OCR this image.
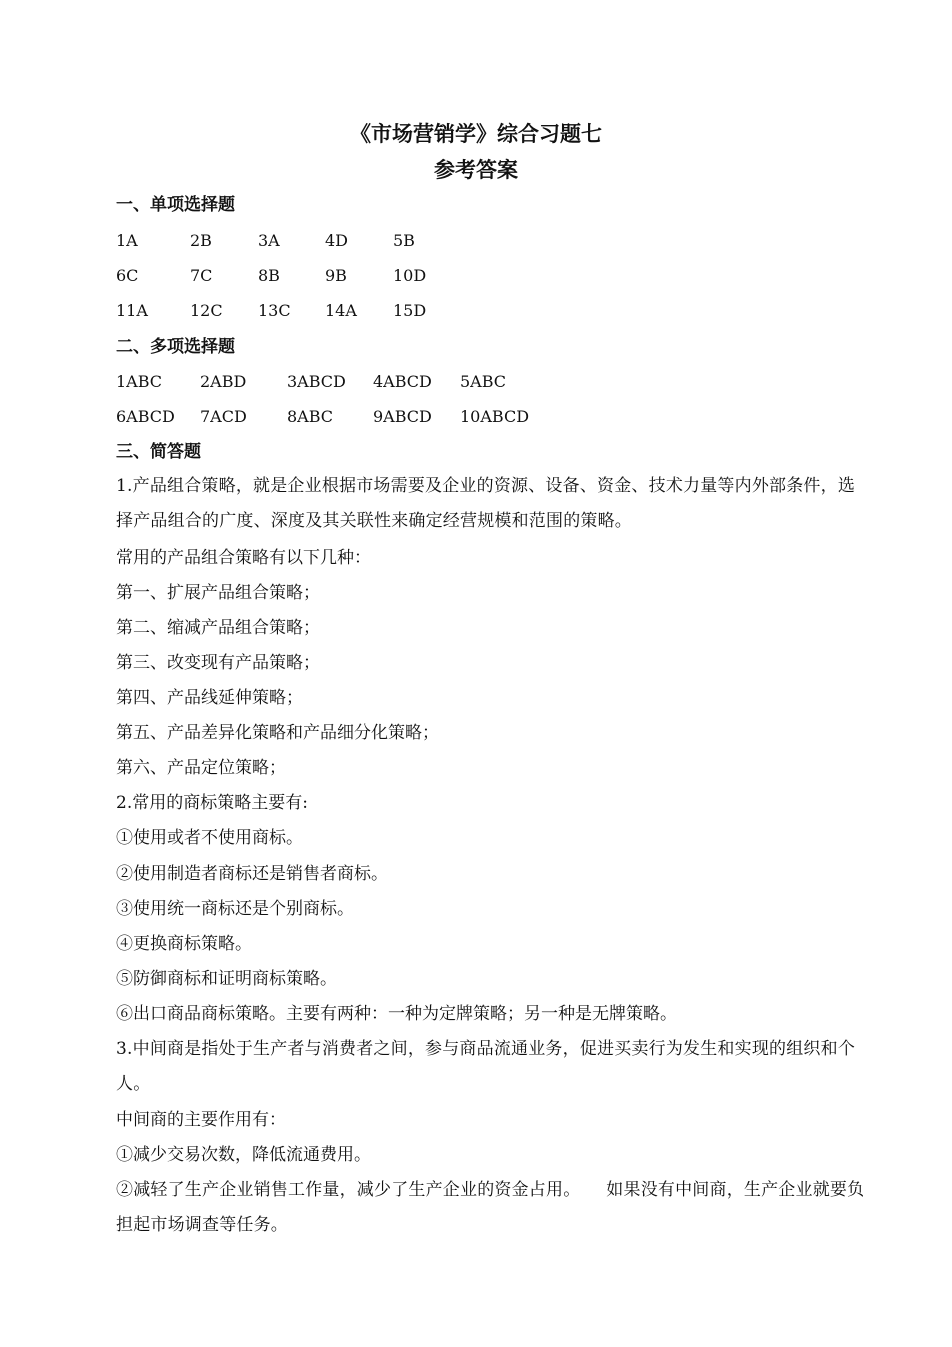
《市场营销学》综合习题七
参考答案
一、单项选择题
1A	2B	3A	4D	5B
6C	7C	8B	9B	10D
11A	12C 13C 14A 15D
二、多项选择题
1ABC 2ABD	3ABCD 4ABCD 5ABC
6ABCD 7ACD	8ABC 9ABCD 10ABCD
三、简答题
1.产品组合策略，就是企业根据市场需要及企业的资源、设备、资金、技术力量等内外部条件，选择产品组合的广度、深度及其关联性来确定经营规模和范围的策略。
常用的产品组合策略有以下几种：
第一、扩展产品组合策略；
第二、缩减产品组合策略；
第三、改变现有产品策略；
第四、产品线延伸策略；
第五、产品差异化策略和产品细分化策略；
第六、产品定位策略；
2.常用的商标策略主要有:
①使用或者不使用商标。
②使用制造者商标还是销售者商标。
③使用统一商标还是个别商标。
④更换商标策略。
⑤防御商标和证明商标策略。
⑥出口商品商标策略。主要有两种：一种为定牌策略；另一种是无牌策略。
3.中间商是指处于生产者与消费者之间，参与商品流通业务，促进买卖行为发生和实现的组织和个人。
中间商的主要作用有：
①减少交易次数，降低流通费用。
②减轻了生产企业销售工作量，减少了生产企业的资金占用。　　如果没有中间商，生产企业就要负担起市场调查等任务。
